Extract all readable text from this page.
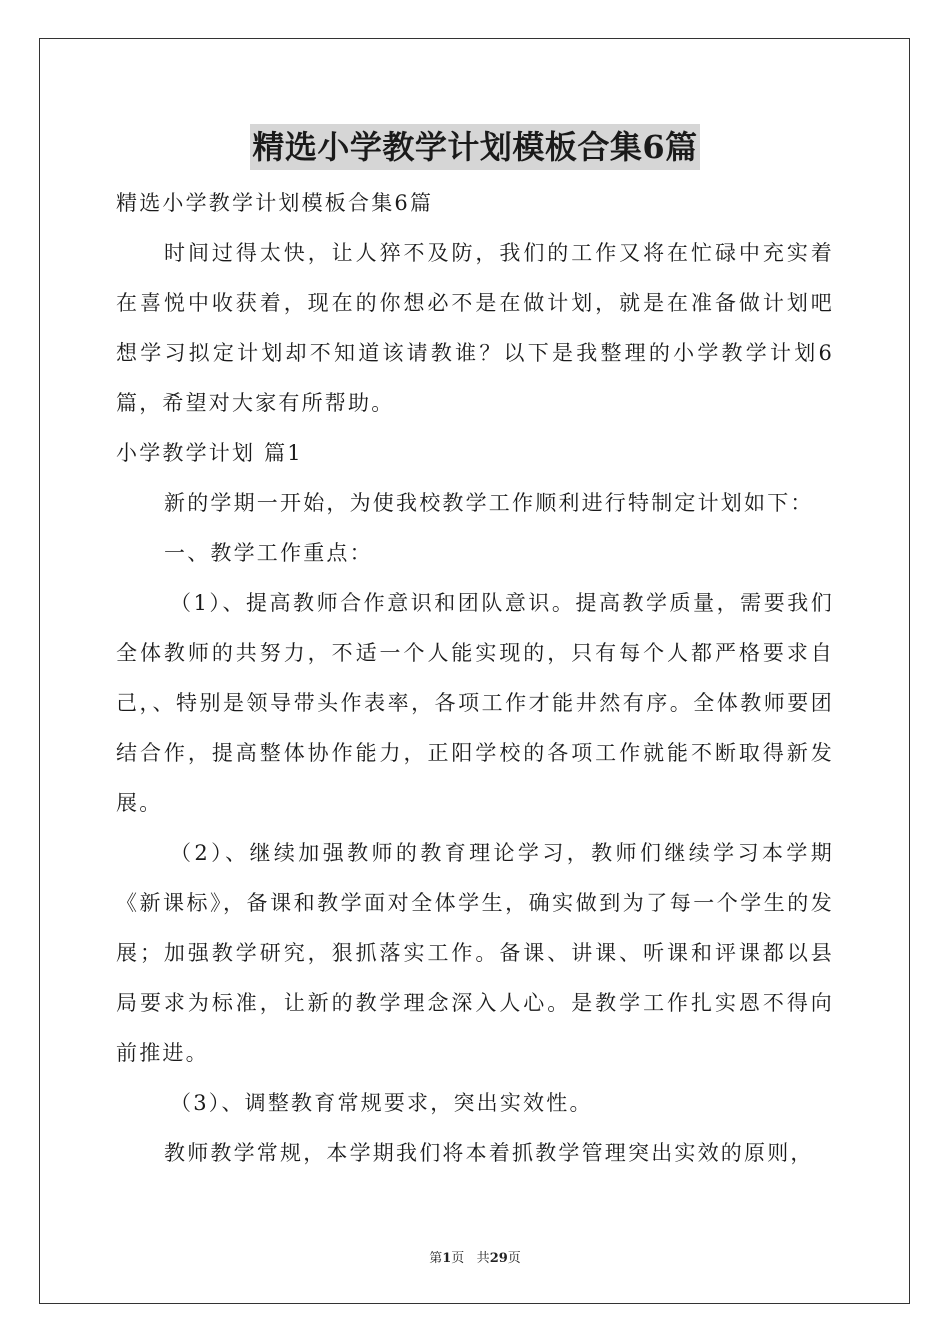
精选小学教学计划模板合集6篇

精选小学教学计划模板合集6篇

时间过得太快，让人猝不及防，我们的工作又将在忙碌中充实着在喜悦中收获着，现在的你想必不是在做计划，就是在准备做计划吧想学习拟定计划却不知道该请教谁？以下是我整理的小学教学计划6篇，希望对大家有所帮助。

小学教学计划 篇1

新的学期一开始，为使我校教学工作顺利进行特制定计划如下：

一、教学工作重点：

（1）、提高教师合作意识和团队意识。提高教学质量，需要我们全体教师的共努力，不适一个人能实现的，只有每个人都严格要求自己，、特别是领导带头作表率，各项工作才能井然有序。全体教师要团结合作，提高整体协作能力，正阳学校的各项工作就能不断取得新发展。

（2）、继续加强教师的教育理论学习，教师们继续学习本学期《新课标》，备课和教学面对全体学生，确实做到为了每一个学生的发展；加强教学研究，狠抓落实工作。备课、讲课、听课和评课都以县局要求为标准，让新的教学理念深入人心。是教学工作扎实恩不得向前推进。

（3）、调整教育常规要求，突出实效性。

教师教学常规，本学期我们将本着抓教学管理突出实效的原则，

第1页 共29页
